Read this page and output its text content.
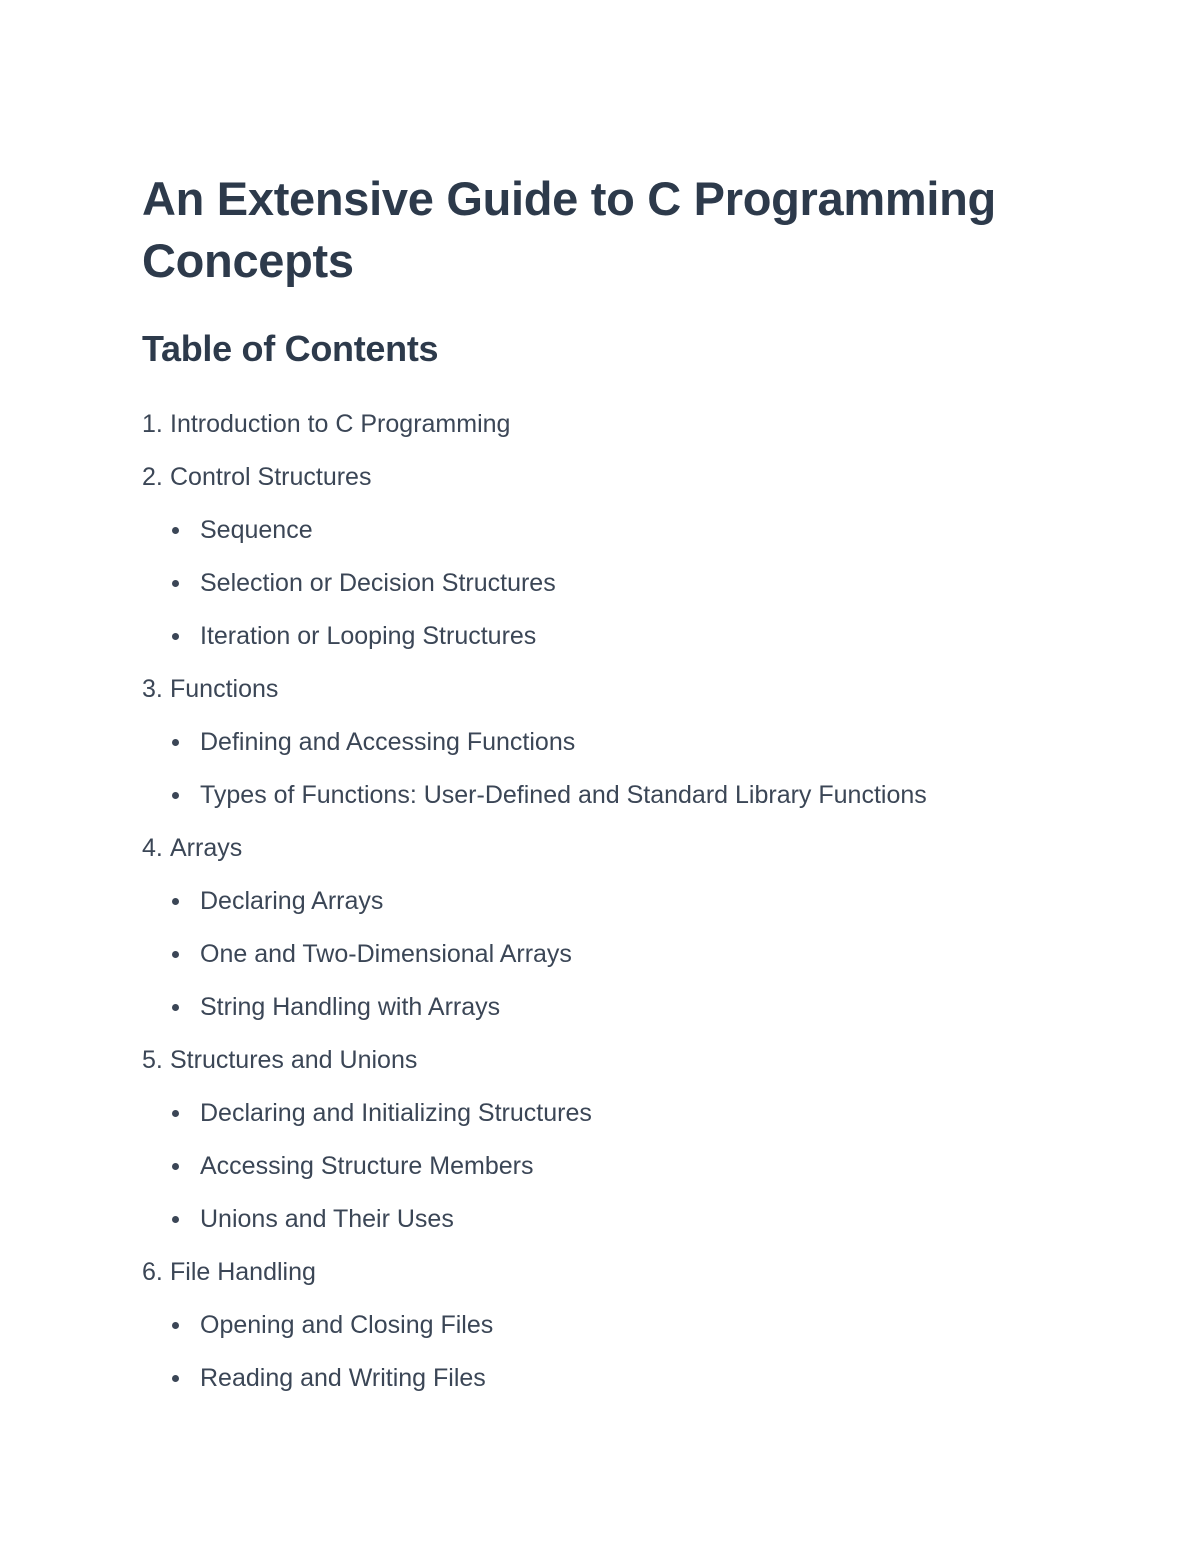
An Extensive Guide to C Programming Concepts
Table of Contents
1. Introduction to C Programming
2. Control Structures
Sequence
Selection or Decision Structures
Iteration or Looping Structures
3. Functions
Defining and Accessing Functions
Types of Functions: User-Defined and Standard Library Functions
4. Arrays
Declaring Arrays
One and Two-Dimensional Arrays
String Handling with Arrays
5. Structures and Unions
Declaring and Initializing Structures
Accessing Structure Members
Unions and Their Uses
6. File Handling
Opening and Closing Files
Reading and Writing Files
